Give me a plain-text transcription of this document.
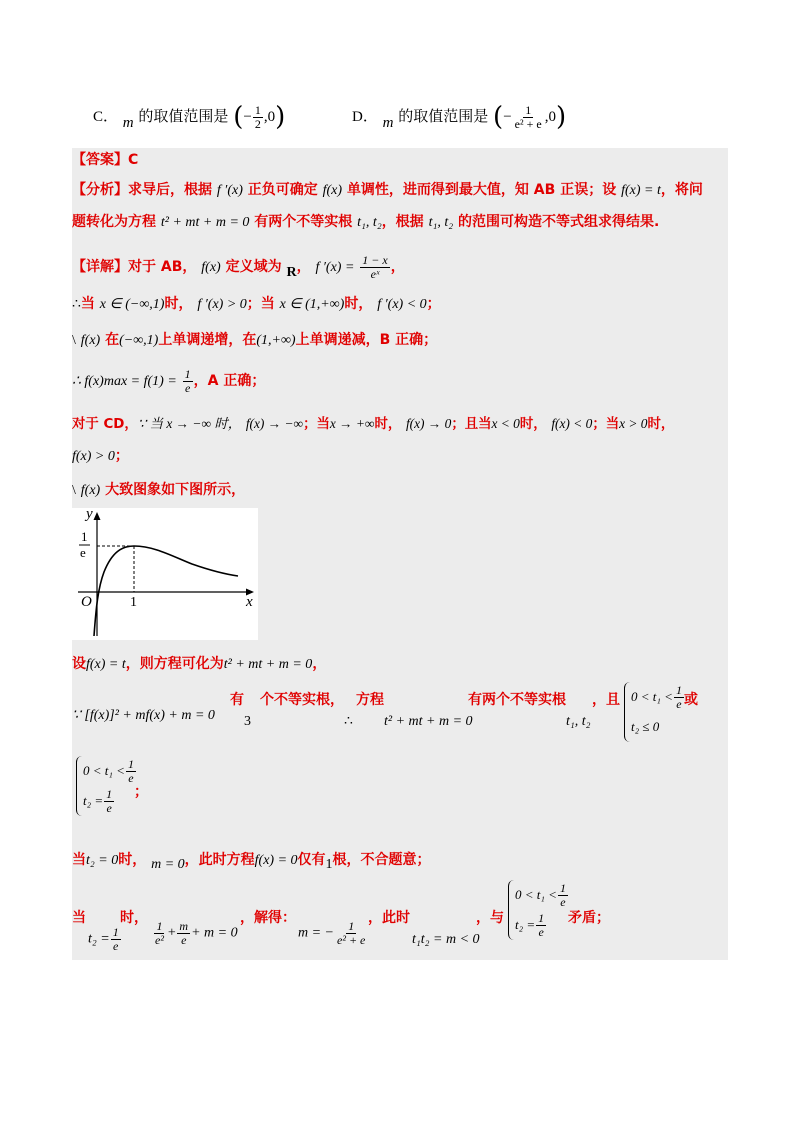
C． m 的取值范围是 (− $\frac{1}{2} ,0$)	D． m 的取值范围是 (− $\frac{1}{\text{e² + e}} ,0$)
【答案】C
【分析】求导后，根据 f ′(x) 正负可确定 f(x) 单调性，进而得到最大值，知 AB 正误；设 f(x) = t，将问
题转化为方程 t² + mt + m = 0 有两个不等实根 t₁, t₂，根据 t₁, t₂ 的范围可构造不等式组求得结果.
【详解】对于 AB， f(x) 定义域为 R， f $'(x) = \frac{1 - x}{\text{eˣ}}$ ，
∴当 x ∈ (−∞,1)时， f ′(x) > 0；当 x ∈ (1,+∞)时， f ′(x) < 0；
\ f(x) 在(−∞,1)上单调递增，在(1,+∞)上单调递减，B 正确；
∴ $f(x)\max = f(1) = \frac{1}{e}$ ，A 正确；
对于 CD，∵ 当 x → −∞ 时， f(x) → −∞；当x → +∞时， f(x) → 0；且当x < 0时， f(x) < 0；当x > 0时，
f(x) > 0；
\ f(x) 大致图象如下图所示，
y
x
O	1
1
e
设f(x) = t，则方程可化为t² + mt + m = 0，
∵ [f(x)]² + mf(x) + m = 0
有
3
个不等实根，
∴
方程
t² + mt + m = 0
有两个不等实根
t₁, t₂
，且 $0 < t_1 < \frac{1}{e}$
t₂ ≤ 0
或
$0 < t_1 < \frac{1}{e}$
$t_2 = \frac{1}{e}$ ；
当t₂ = 0时， m = 0，此时方程f(x) = 0仅有1根，不合题意；
当
$t_2 = \frac{1}{e}$
时，
$\frac{1}{\text{e²}} + \frac{m}{e} + m = 0$
，解得：
m = − $\frac{1}{\text{e² + e}}$
，此时
t₁t₂ = m < 0
，与
$0 < t_1 < \frac{1}{e}$
$t_2 = \frac{1}{e}$ 矛盾；
